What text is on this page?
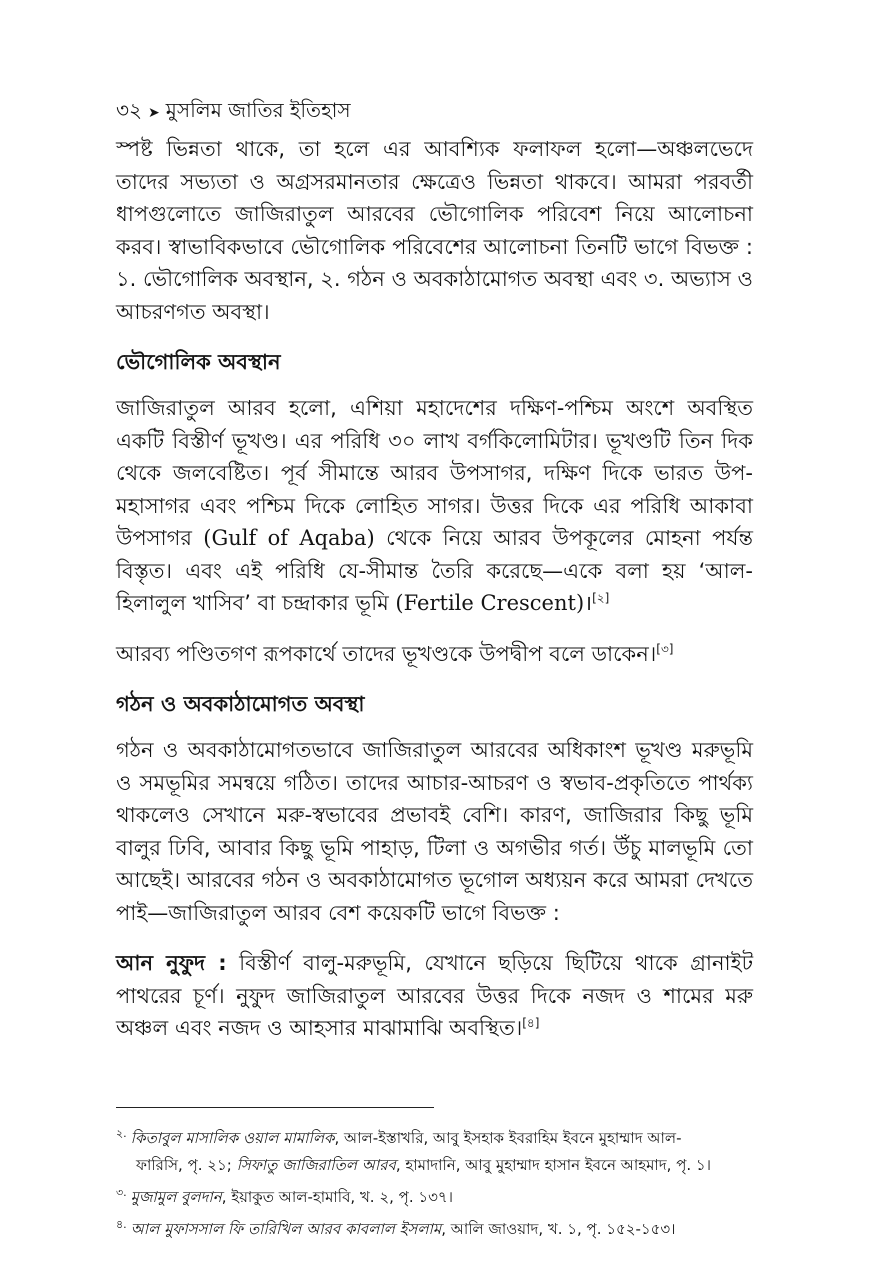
৩২ ➤ মুসলিম জাতির ইতিহাস

স্পষ্ট ভিন্নতা থাকে, তা হলে এর আবশ্যিক ফলাফল হলো—অঞ্চলভেদে তাদের সভ্যতা ও অগ্রসরমানতার ক্ষেত্রেও ভিন্নতা থাকবে। আমরা পরবর্তী ধাপগুলোতে জাজিরাতুল আরবের ভৌগোলিক পরিবেশ নিয়ে আলোচনা করব। স্বাভাবিকভাবে ভৌগোলিক পরিবেশের আলোচনা তিনটি ভাগে বিভক্ত : ১. ভৌগোলিক অবস্থান, ২. গঠন ও অবকাঠামোগত অবস্থা এবং ৩. অভ্যাস ও আচরণগত অবস্থা।

ভৌগোলিক অবস্থান

জাজিরাতুল আরব হলো, এশিয়া মহাদেশের দক্ষিণ-পশ্চিম অংশে অবস্থিত একটি বিস্তীর্ণ ভূখণ্ড। এর পরিধি ৩০ লাখ বর্গকিলোমিটার। ভূখণ্ডটি তিন দিক থেকে জলবেষ্টিত। পূর্ব সীমান্তে আরব উপসাগর, দক্ষিণ দিকে ভারত উপ-মহাসাগর এবং পশ্চিম দিকে লোহিত সাগর। উত্তর দিকে এর পরিধি আকাবা উপসাগর (Gulf of Aqaba) থেকে নিয়ে আরব উপকূলের মোহনা পর্যন্ত বিস্তৃত। এবং এই পরিধি যে-সীমান্ত তৈরি করেছে—একে বলা হয় ‘আল-হিলালুল খাসিব’ বা চন্দ্রাকার ভূমি (Fertile Crescent)।[২]

আরব্য পণ্ডিতগণ রূপকার্থে তাদের ভূখণ্ডকে উপদ্বীপ বলে ডাকেন।[৩]

গঠন ও অবকাঠামোগত অবস্থা

গঠন ও অবকাঠামোগতভাবে জাজিরাতুল আরবের অধিকাংশ ভূখণ্ড মরুভূমি ও সমভূমির সমন্বয়ে গঠিত। তাদের আচার-আচরণ ও স্বভাব-প্রকৃতিতে পার্থক্য থাকলেও সেখানে মরু-স্বভাবের প্রভাবই বেশি। কারণ, জাজিরার কিছু ভূমি বালুর ঢিবি, আবার কিছু ভূমি পাহাড়, টিলা ও অগভীর গর্ত। উঁচু মালভূমি তো আছেই। আরবের গঠন ও অবকাঠামোগত ভূগোল অধ্যয়ন করে আমরা দেখতে পাই—জাজিরাতুল আরব বেশ কয়েকটি ভাগে বিভক্ত :

আন নুফুদ : বিস্তীর্ণ বালু-মরুভূমি, যেখানে ছড়িয়ে ছিটিয়ে থাকে গ্রানাইট পাথরের চূর্ণ। নুফুদ জাজিরাতুল আরবের উত্তর দিকে নজদ ও শামের মরু অঞ্চল এবং নজদ ও আহসার মাঝামাঝি অবস্থিত।[৪]

$^{২.}$ কিতাবুল মাসালিক ওয়াল মামালিক, আল-ইস্তাখরি, আবু ইসহাক ইবরাহিম ইবনে মুহাম্মাদ আল-
ফারিসি, পৃ. ২১; সিফাতু জাজিরাতিল আরব, হামাদানি, আবু মুহাম্মাদ হাসান ইবনে আহমাদ, পৃ. ১।

$^{৩.}$ মুজামুল বুলদান, ইয়াকুত আল-হামাবি, খ. ২, পৃ. ১৩৭।

$^{৪.}$ আল মুফাসসাল ফি তারিখিল আরব কাবলাল ইসলাম, আলি জাওয়াদ, খ. ১, পৃ. ১৫২-১৫৩।
